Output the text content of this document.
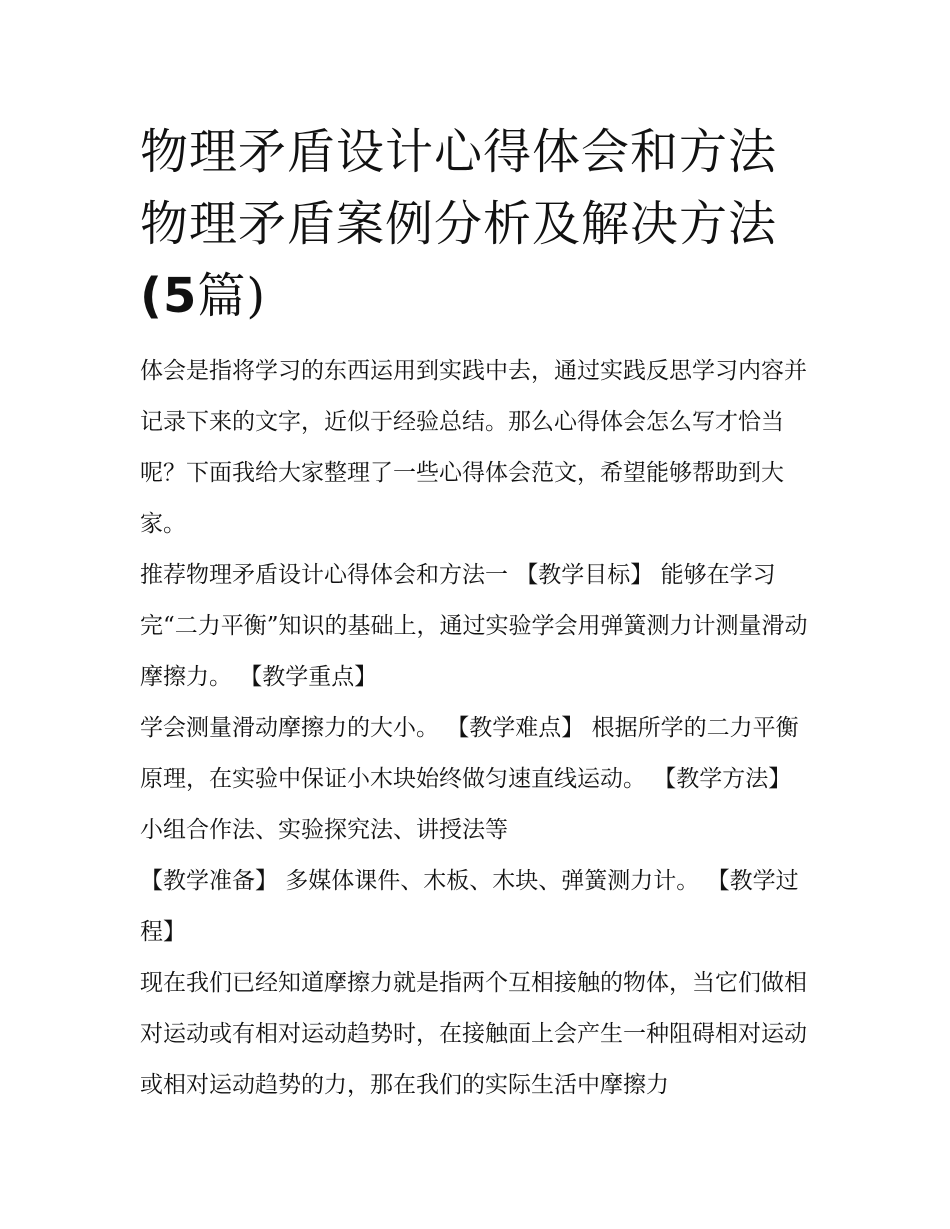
物理矛盾设计心得体会和方法
物理矛盾案例分析及解决方法
(5篇)

体会是指将学习的东西运用到实践中去，通过实践反思学习内容并记录下来的文字，近似于经验总结。那么心得体会怎么写才恰当呢？下面我给大家整理了一些心得体会范文，希望能够帮助到大家。

推荐物理矛盾设计心得体会和方法一 【教学目标】 能够在学习完“二力平衡”知识的基础上，通过实验学会用弹簧测力计测量滑动摩擦力。 【教学重点】

学会测量滑动摩擦力的大小。 【教学难点】 根据所学的二力平衡原理，在实验中保证小木块始终做匀速直线运动。 【教学方法】 小组合作法、实验探究法、讲授法等

【教学准备】 多媒体课件、木板、木块、弹簧测力计。 【教学过程】

现在我们已经知道摩擦力就是指两个互相接触的物体，当它们做相对运动或有相对运动趋势时，在接触面上会产生一种阻碍相对运动或相对运动趋势的力，那在我们的实际生活中摩擦力
